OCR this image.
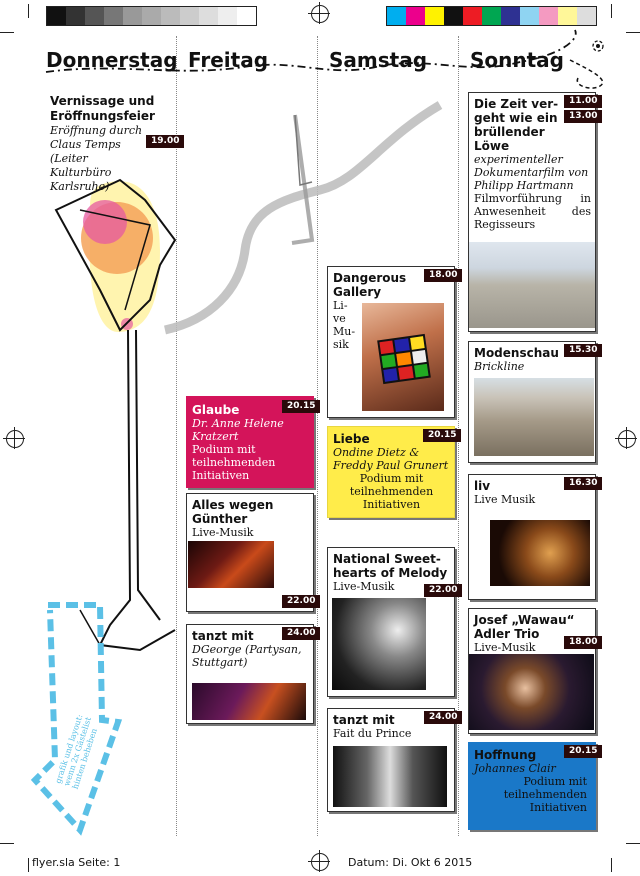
Donnerstag Freitag	Samstag Sonntag
grafik und layout: wenn 2x Gästelist hinten beheben
Vernissage und Eröffnungsfeier
Eröffnung durch Claus Temps (Leiter Kulturbüro Karlsruhe)
19.00
Glaube
Dr. Anne Helene Kratzert
Podium mit teilnehmenden Initiativen
20.15
Alles wegen Günther
Live-Musik
22.00
tanzt mit
DGeorge (Partysan, Stuttgart)
24.00
Dangerous Gallery
Li- ve Mu- sik
18.00
Liebe
Ondine Dietz & Freddy Paul Grunert
Podium mit teilnehmenden Initiativen
20.15
National Sweet-hearts of Melody
Live-Musik	22.00
tanzt mit
Fait du Prince
24.00
Die Zeit ver-geht wie ein brüllender Löwe
experimenteller Dokumentarfilm von Philipp Hartmann
Filmvorführung in Anwesenheit des Regisseurs
11.00
13.00
Modenschau
Brickline
15.30
liv
Live Musik
16.30
Josef „Wawau“ Adler Trio
Live-Musik	18.00
Hoffnung
Johannes Clair
Podium mit teilnehmenden Initiativen
20.15
flyer.sla Seite: 1	Datum: Di. Okt 6 2015
